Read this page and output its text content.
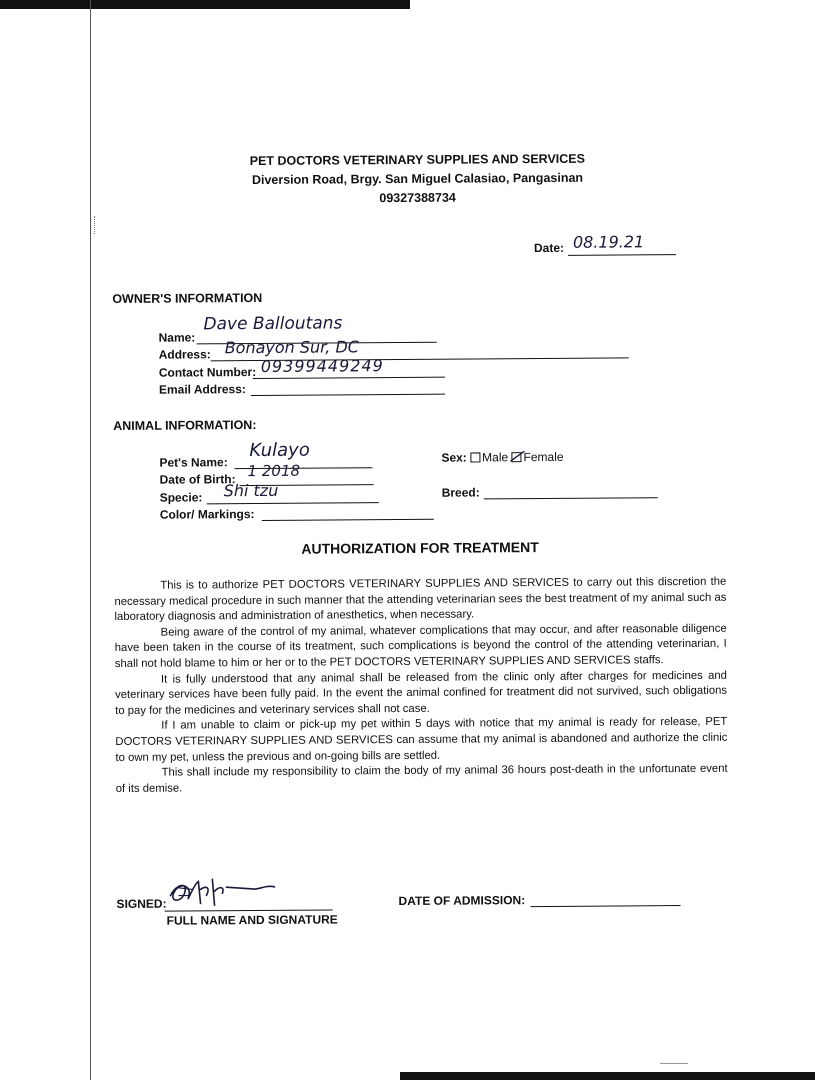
PET DOCTORS VETERINARY SUPPLIES AND SERVICES
Diversion Road, Brgy. San Miguel Calasiao, Pangasinan
09327388734
Date: 08.19.21
OWNER'S INFORMATION
Name:
Dave Balloutans
Address: Bonayon Sur, DC
Contact Number: 09399449249
Email Address:
ANIMAL INFORMATION:
Pet's Name:
Kulayo
Date of Birth: 1 2018
Specie: Shi tzu
Color/ Markings:
Sex: Male Female
Breed:
AUTHORIZATION FOR TREATMENT

This is to authorize PET DOCTORS VETERINARY SUPPLIES AND SERVICES to carry out this discretion the necessary medical procedure in such manner that the attending veterinarian sees the best treatment of my animal such as laboratory diagnosis and administration of anesthetics, when necessary.

Being aware of the control of my animal, whatever complications that may occur, and after reasonable diligence have been taken in the course of its treatment, such complications is beyond the control of the attending veterinarian, I shall not hold blame to him or her or to the PET DOCTORS VETERINARY SUPPLIES AND SERVICES staffs.

It is fully understood that any animal shall be released from the clinic only after charges for medicines and veterinary services have been fully paid. In the event the animal confined for treatment did not survived, such obligations to pay for the medicines and veterinary services shall not case.

If I am unable to claim or pick-up my pet within 5 days with notice that my animal is ready for release, PET DOCTORS VETERINARY SUPPLIES AND SERVICES can assume that my animal is abandoned and authorize the clinic to own my pet, unless the previous and on-going bills are settled.

This shall include my responsibility to claim the body of my animal 36 hours post-death in the unfortunate event of its demise.

SIGNED:
FULL NAME AND SIGNATURE
DATE OF ADMISSION:
